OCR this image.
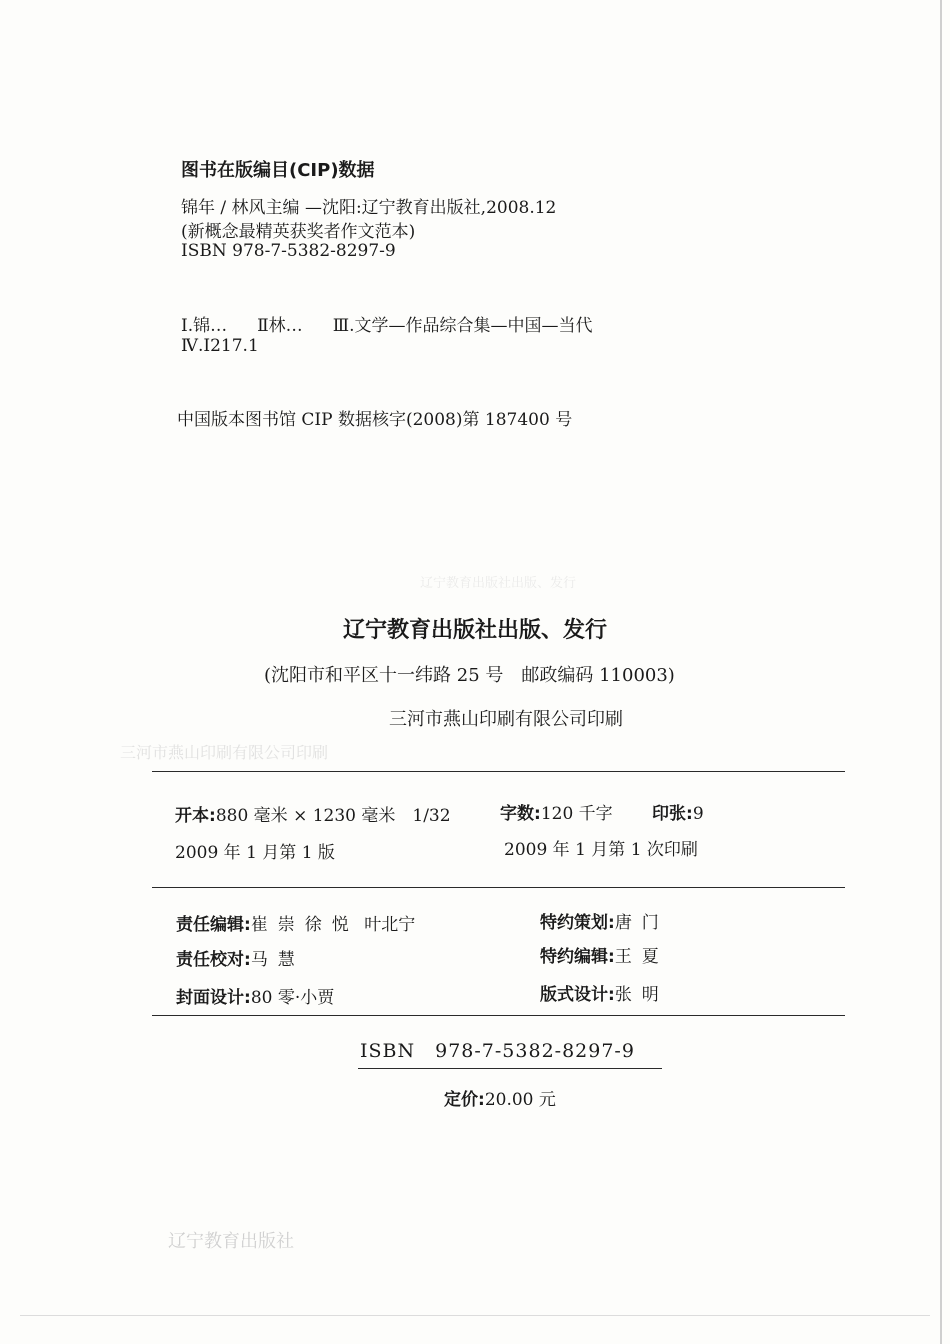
辽宁教育出版社出版、发行
三河市燕山印刷有限公司印刷
辽宁教育出版社
图书在版编目(CIP)数据
锦年 / 林风主编 —沈阳:辽宁教育出版社,2008.12
(新概念最精英获奖者作文范本)
ISBN 978-7-5382-8297-9
Ⅰ.锦… Ⅱ林… Ⅲ.文学—作品综合集—中国—当代
Ⅳ.I217.1
中国版本图书馆 CIP 数据核字(2008)第 187400 号
辽宁教育出版社出版、发行
(沈阳市和平区十一纬路 25 号　邮政编码 110003)
三河市燕山印刷有限公司印刷
开本:880 毫米 × 1230 毫米　1/32	字数:120 千字 印张:9
2009 年 1 月第 1 版	2009 年 1 月第 1 次印刷
责任编辑:崔崇徐悦 叶北宁	特约策划:唐门
责任校对:马慧	特约编辑:王夏
封面设计:80 零·小贾	版式设计:张明
ISBN　978-7-5382-8297-9
定价:20.00 元
